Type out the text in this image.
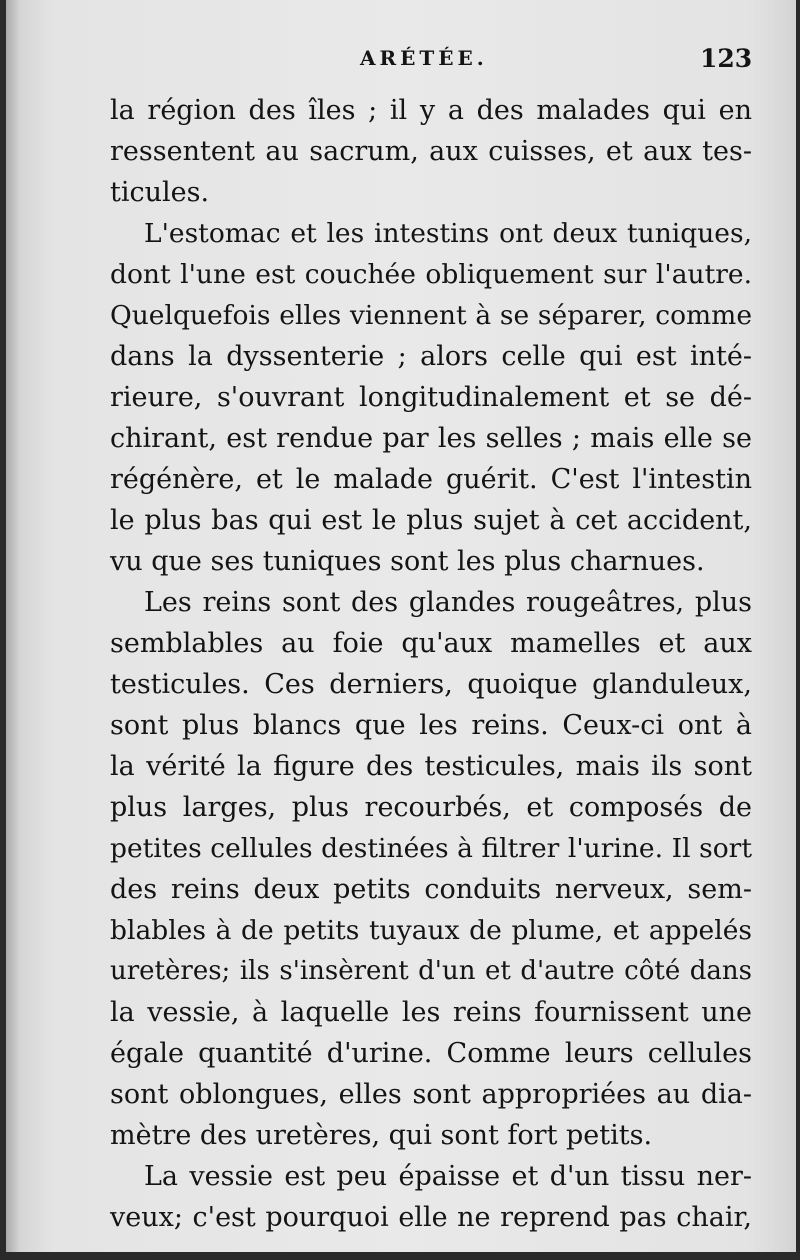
ARÉTÉE.	123
la région des îles ; il y a des malades qui en
ressentent au sacrum, aux cuisses, et aux tes-
ticules.
L'estomac et les intestins ont deux tuniques,
dont l'une est couchée obliquement sur l'autre.
Quelquefois elles viennent à se séparer, comme
dans la dyssenterie ; alors celle qui est inté-
rieure, s'ouvrant longitudinalement et se dé-
chirant, est rendue par les selles ; mais elle se
régénère, et le malade guérit. C'est l'intestin
le plus bas qui est le plus sujet à cet accident,
vu que ses tuniques sont les plus charnues.
Les reins sont des glandes rougeâtres, plus
semblables au foie qu'aux mamelles et aux
testicules. Ces derniers, quoique glanduleux,
sont plus blancs que les reins. Ceux-ci ont à
la vérité la figure des testicules, mais ils sont
plus larges, plus recourbés, et composés de
petites cellules destinées à filtrer l'urine. Il sort
des reins deux petits conduits nerveux, sem-
blables à de petits tuyaux de plume, et appelés
uretères; ils s'insèrent d'un et d'autre côté dans
la vessie, à laquelle les reins fournissent une
égale quantité d'urine. Comme leurs cellules
sont oblongues, elles sont appropriées au dia-
mètre des uretères, qui sont fort petits.
La vessie est peu épaisse et d'un tissu ner-
veux; c'est pourquoi elle ne reprend pas chair,
